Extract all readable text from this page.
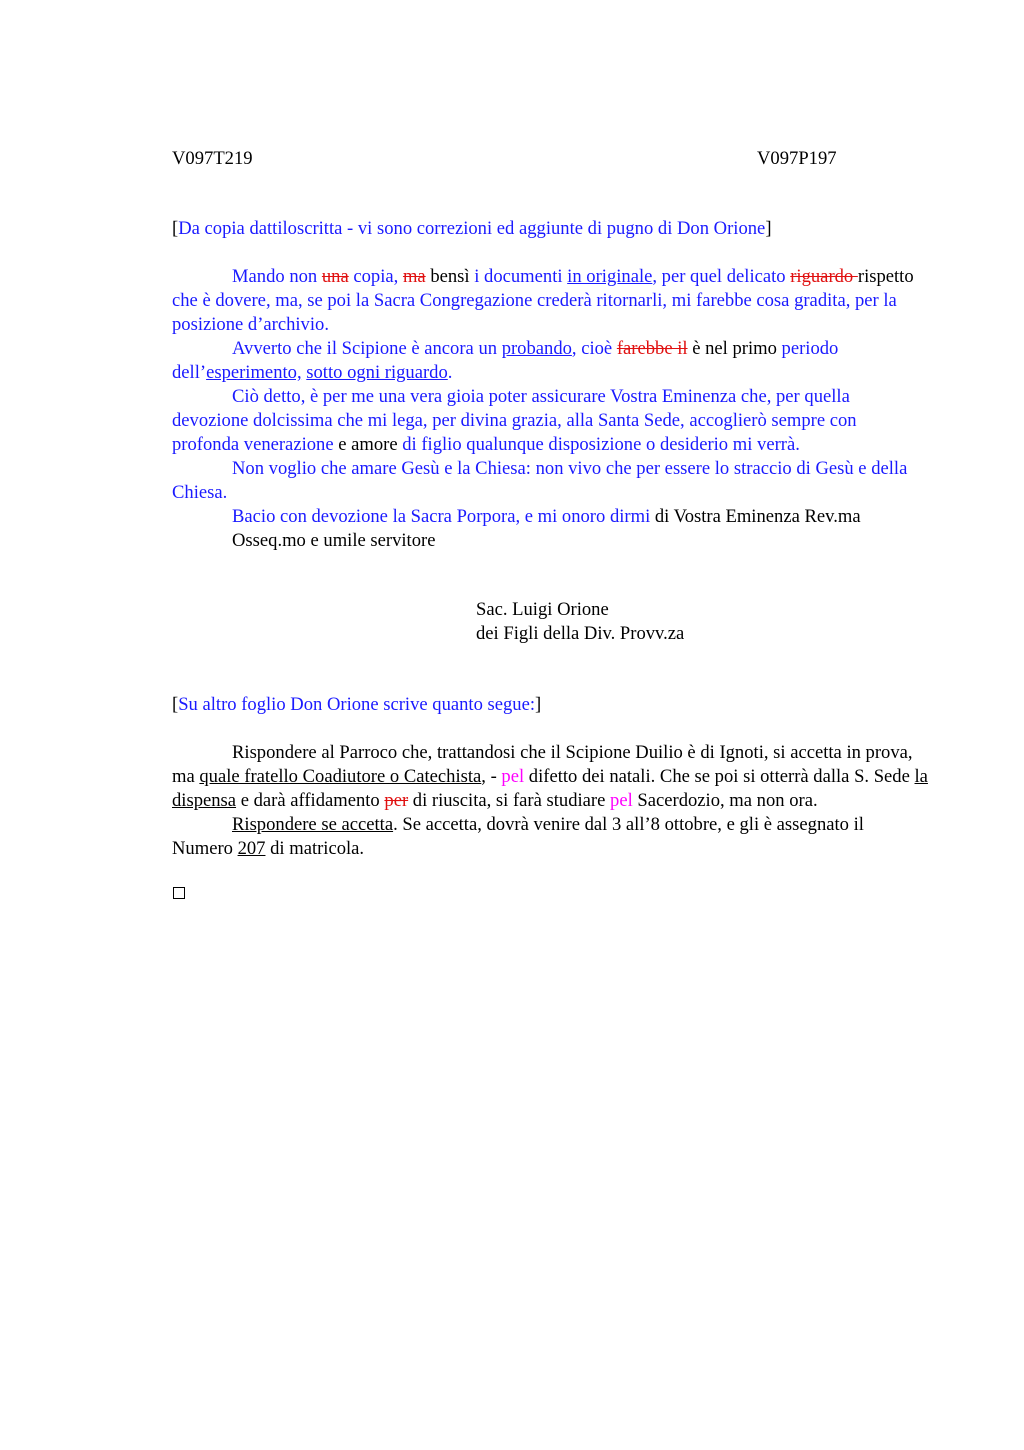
V097T219	V097P197

[Da copia dattiloscritta - vi sono correzioni ed aggiunte di pugno di Don Orione]

Mando non una copia, ma bensì i documenti in originale, per quel delicato riguardo rispetto che è dovere, ma, se poi la Sacra Congregazione crederà ritornarli, mi farebbe cosa gradita, per la posizione d’archivio.

Avverto che il Scipione è ancora un probando, cioè farebbe il è nel primo periodo dell’esperimento, sotto ogni riguardo.

Ciò detto, è per me una vera gioia poter assicurare Vostra Eminenza che, per quella devozione dolcissima che mi lega, per divina grazia, alla Santa Sede, accoglierò sempre con profonda venerazione e amore di figlio qualunque disposizione o desiderio mi verrà.

Non voglio che amare Gesù e la Chiesa: non vivo che per essere lo straccio di Gesù e della Chiesa.

Bacio con devozione la Sacra Porpora, e mi onoro dirmi di Vostra Eminenza Rev.ma

Osseq.mo e umile servitore

Sac. Luigi Orione
dei Figli della Div. Provv.za

[Su altro foglio Don Orione scrive quanto segue:]

Rispondere al Parroco che, trattandosi che il Scipione Duilio è di Ignoti, si accetta in prova, ma quale fratello Coadiutore o Catechista, - pel difetto dei natali. Che se poi si otterrà dalla S. Sede la dispensa e darà affidamento per di riuscita, si farà studiare pel Sacerdozio, ma non ora.

Rispondere se accetta. Se accetta, dovrà venire dal 3 all’8 ottobre, e gli è assegnato il Numero 207 di matricola.
